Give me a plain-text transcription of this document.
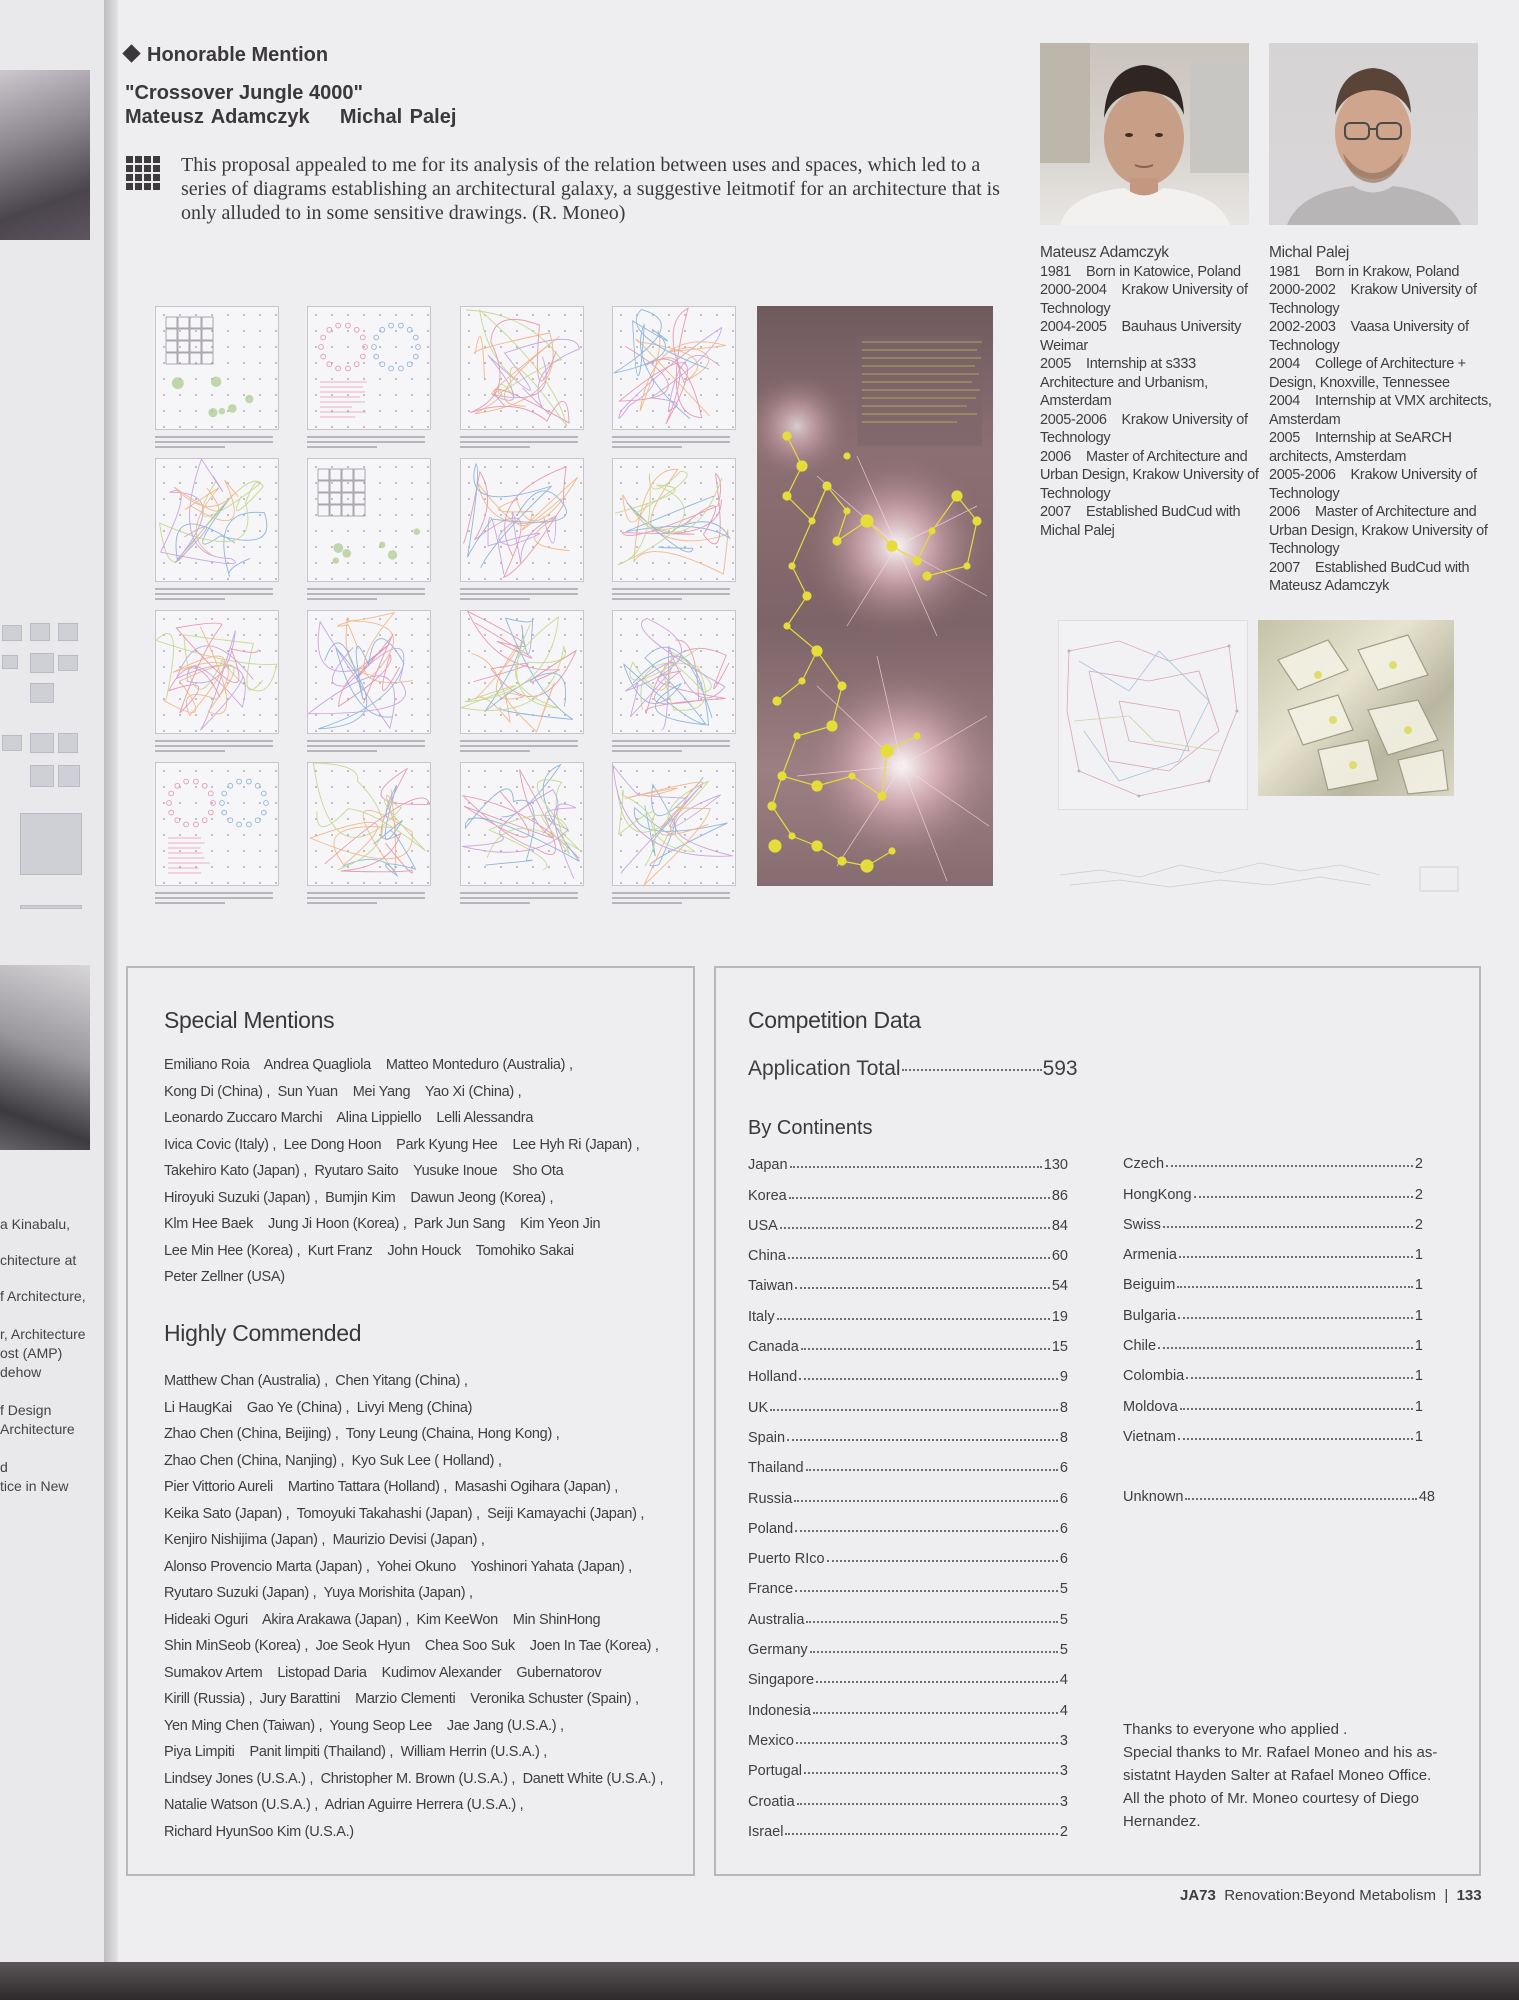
a Kinabalu,
chitecture at
f Architecture,
r, Architecture
ost (AMP)
dehow
f Design
Architecture
d
tice in New
Honorable Mention
"Crossover Jungle 4000"
Mateusz Adamczyk    Michal Palej
This proposal appealed to me for its analysis of the relation between uses and spaces, which led to a series of diagrams establishing an architectural galaxy, a suggestive leitmotif for an architecture that is only alluded to in some sensitive drawings. (R. Moneo)

Mateusz Adamczyk

1981    Born in Katowice, Poland

2000-2004    Krakow University of Technology

2004-2005    Bauhaus University Weimar

2005    Internship at s333 Architecture and Urbanism, Amsterdam

2005-2006    Krakow University of Technology

2006    Master of Architecture and Urban Design, Krakow University of Technology

2007    Established BudCud with Michal Palej

Michal Palej

1981    Born in Krakow, Poland

2000-2002    Krakow University of Technology

2002-2003    Vaasa University of Technology

2004    College of Architecture + Design, Knoxville, Tennessee

2004    Internship at VMX architects, Amsterdam

2005    Internship at SeARCH architects, Amsterdam

2005-2006    Krakow University of Technology

2006    Master of Architecture and Urban Design, Krakow University of Technology

2007    Established BudCud with Mateusz Adamczyk

Special Mentions

Emiliano Roia    Andrea Quagliola    Matteo Monteduro (Australia) ,

Kong Di (China) ,  Sun Yuan    Mei Yang    Yao Xi (China) ,

Leonardo Zuccaro Marchi    Alina Lippiello    Lelli Alessandra

Ivica Covic (Italy) ,  Lee Dong Hoon    Park Kyung Hee    Lee Hyh Ri (Japan) ,

Takehiro Kato (Japan) ,  Ryutaro Saito    Yusuke Inoue    Sho Ota

Hiroyuki Suzuki (Japan) ,  Bumjin Kim    Dawun Jeong (Korea) ,

Klm Hee Baek    Jung Ji Hoon (Korea) ,  Park Jun Sang    Kim Yeon Jin

Lee Min Hee (Korea) ,  Kurt Franz    John Houck    Tomohiko Sakai

Peter Zellner (USA)

Highly Commended

Matthew Chan (Australia) ,  Chen Yitang (China) ,

Li HaugKai    Gao Ye (China) ,  Livyi Meng (China)

Zhao Chen (China, Beijing) ,  Tony Leung (Chaina, Hong Kong) ,

Zhao Chen (China, Nanjing) ,  Kyo Suk Lee ( Holland) ,

Pier Vittorio Aureli    Martino Tattara (Holland) ,  Masashi Ogihara (Japan) ,

Keika Sato (Japan) ,  Tomoyuki Takahashi (Japan) ,  Seiji Kamayachi (Japan) ,

Kenjiro Nishijima (Japan) ,  Maurizio Devisi (Japan) ,

Alonso Provencio Marta (Japan) ,  Yohei Okuno    Yoshinori Yahata (Japan) ,

Ryutaro Suzuki (Japan) ,  Yuya Morishita (Japan) ,

Hideaki Oguri    Akira Arakawa (Japan) ,  Kim KeeWon    Min ShinHong

Shin MinSeob (Korea) ,  Joe Seok Hyun    Chea Soo Suk    Joen In Tae (Korea) ,

Sumakov Artem    Listopad Daria    Kudimov Alexander    Gubernatorov

Kirill (Russia) ,  Jury Barattini    Marzio Clementi    Veronika Schuster (Spain) ,

Yen Ming Chen (Taiwan) ,  Young Seop Lee    Jae Jang (U.S.A.) ,

Piya Limpiti    Panit limpiti (Thailand) ,  William Herrin (U.S.A.) ,

Lindsey Jones (U.S.A.) ,  Christopher M. Brown (U.S.A.) ,  Danett White (U.S.A.) ,

Natalie Watson (U.S.A.) ,  Adrian Aguirre Herrera (U.S.A.) ,

Richard HyunSoo Kim (U.S.A.)

Competition Data
Application Total	593
By Continents
Japan	130
Korea	86
USA	84
China	60
Taiwan	54
Italy	19
Canada	15
Holland	9
UK	8
Spain	8
Thailand	6
Russia	6
Poland	6
Puerto RIco	6
France	5
Australia	5
Germany	5
Singapore	4
Indonesia	4
Mexico	3
Portugal	3
Croatia	3
Israel	2
Czech	2
HongKong	2
Swiss	2
Armenia	1
Beiguim	1
Bulgaria	1
Chile	1
Colombia	1
Moldova	1
Vietnam	1
Unknown	48

Thanks to everyone who applied .

Special thanks to Mr. Rafael Moneo and his as-

sistatnt Hayden Salter at Rafael Moneo Office.

All the photo of Mr. Moneo courtesy of Diego

Hernandez.

JA73 Renovation:Beyond Metabolism | 133
